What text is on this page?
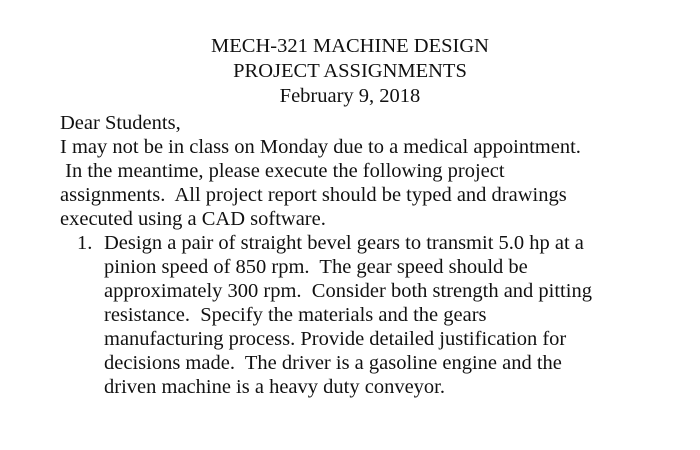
MECH-321 MACHINE DESIGN
PROJECT ASSIGNMENTS
February 9, 2018
Dear Students,
I may not be in class on Monday due to a medical appointment.
In the meantime, please execute the following project
assignments.  All project report should be typed and drawings
executed using a CAD software.
1. Design a pair of straight bevel gears to transmit 5.0 hp at a
pinion speed of 850 rpm.  The gear speed should be
approximately 300 rpm.  Consider both strength and pitting
resistance.  Specify the materials and the gears
manufacturing process. Provide detailed justification for
decisions made.  The driver is a gasoline engine and the
driven machine is a heavy duty conveyor.
